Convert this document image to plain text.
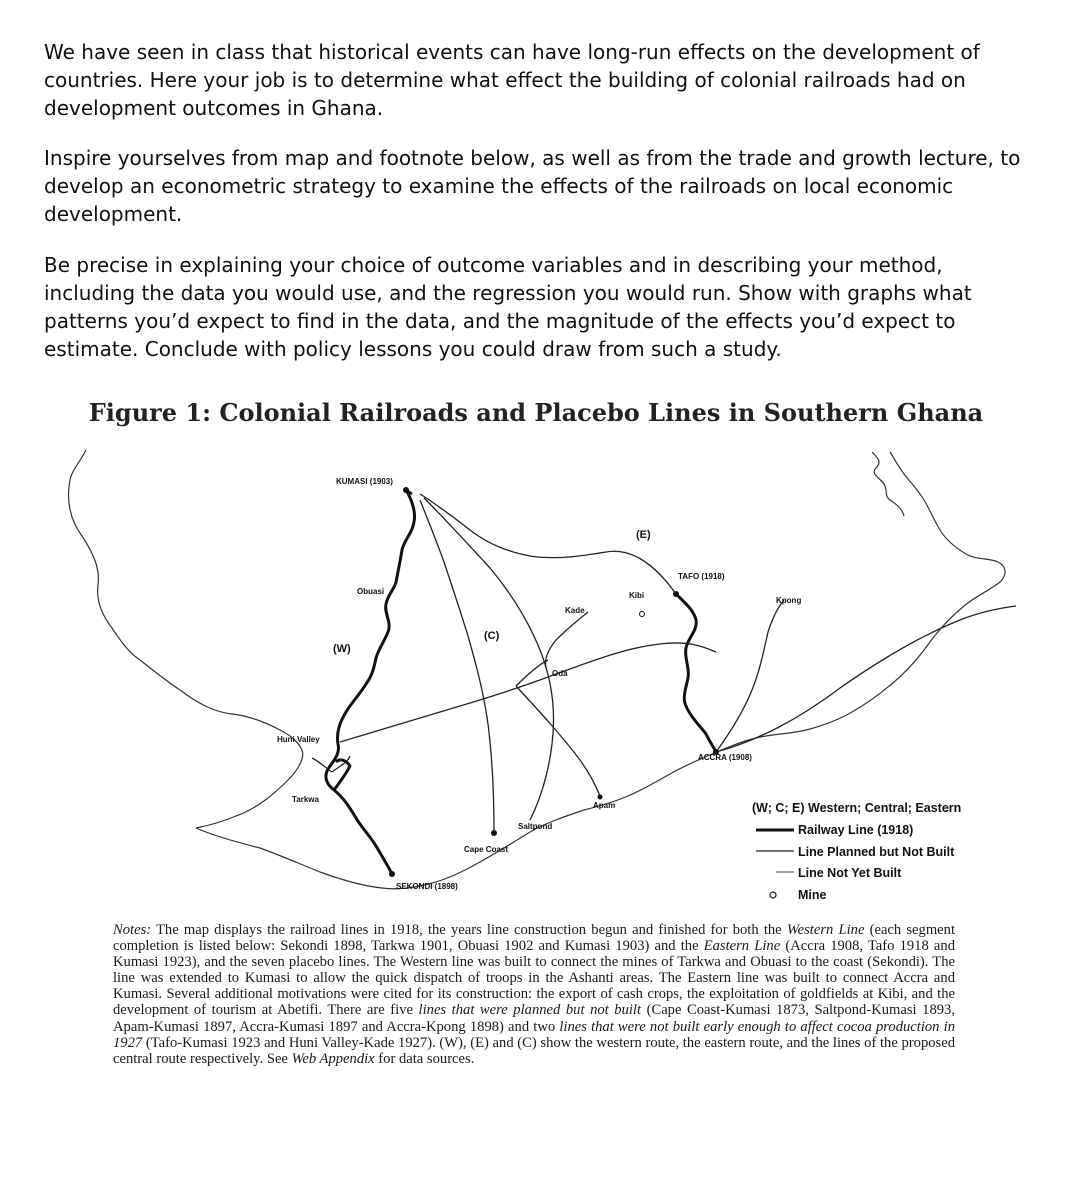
We have seen in class that historical events can have long-run effects on the development of countries. Here your job is to determine what effect the building of colonial railroads had on development outcomes in Ghana.

Inspire yourselves from map and footnote below, as well as from the trade and growth lecture, to develop an econometric strategy to examine the effects of the railroads on local economic development.

Be precise in explaining your choice of outcome variables and in describing your method, including the data you would use, and the regression you would run. Show with graphs what patterns you’d expect to find in the data, and the magnitude of the effects you’d expect to estimate. Conclude with policy lessons you could draw from such a study.

Figure 1: Colonial Railroads and Placebo Lines in Southern Ghana
KUMASI (1903)
(E)
TAFO (1918)
Kibi
Kpong
Kade
Obuasi
(C)
(W)
Oda
Huni Valley
ACCRA (1908)
Tarkwa
Apam
Saltpond
Cape Coast
SEKONDI (1898)
(W; C; E) Western; Central; Eastern
Railway Line (1918)
Line Planned but Not Built
Line Not Yet Built
Mine

Notes: The map displays the railroad lines in 1918, the years line construction begun and finished for both the Western Line (each segment completion is listed below: Sekondi 1898, Tarkwa 1901, Obuasi 1902 and Kumasi 1903) and the Eastern Line (Accra 1908, Tafo 1918 and Kumasi 1923), and the seven placebo lines. The Western line was built to connect the mines of Tarkwa and Obuasi to the coast (Sekondi). The line was extended to Kumasi to allow the quick dispatch of troops in the Ashanti areas. The Eastern line was built to connect Accra and Kumasi. Several additional motivations were cited for its construction: the export of cash crops, the exploitation of goldfields at Kibi, and the development of tourism at Abetifi. There are five lines that were planned but not built (Cape Coast-Kumasi 1873, Saltpond-Kumasi 1893, Apam-Kumasi 1897, Accra-Kumasi 1897 and Accra-Kpong 1898) and two lines that were not built early enough to affect cocoa production in 1927 (Tafo-Kumasi 1923 and Huni Valley-Kade 1927). (W), (E) and (C) show the western route, the eastern route, and the lines of the proposed central route respectively. See Web Appendix for data sources.
